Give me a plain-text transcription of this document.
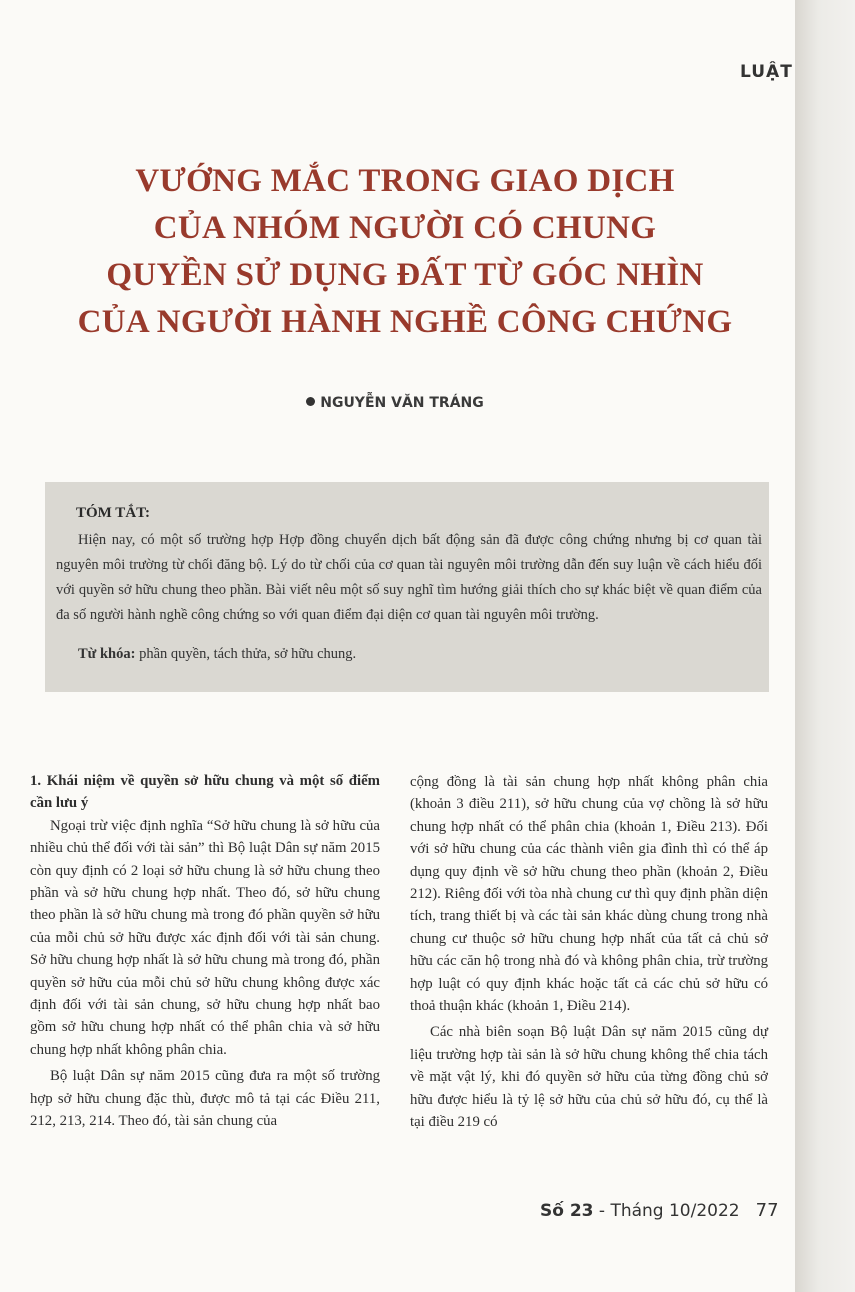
LUẬT
VƯỚNG MẮC TRONG GIAO DỊCH
CỦA NHÓM NGƯỜI CÓ CHUNG
QUYỀN SỬ DỤNG ĐẤT TỪ GÓC NHÌN
CỦA NGƯỜI HÀNH NGHỀ CÔNG CHỨNG
NGUYỄN VĂN TRÁNG
TÓM TẮT:
Hiện nay, có một số trường hợp Hợp đồng chuyển dịch bất động sản đã được công chứng nhưng bị cơ quan tài nguyên môi trường từ chối đăng bộ. Lý do từ chối của cơ quan tài nguyên môi trường dẫn đến suy luận về cách hiểu đối với quyền sở hữu chung theo phần. Bài viết nêu một số suy nghĩ tìm hướng giải thích cho sự khác biệt về quan điểm của đa số người hành nghề công chứng so với quan điểm đại diện cơ quan tài nguyên môi trường.
Từ khóa: phần quyền, tách thửa, sở hữu chung.

1. Khái niệm về quyền sở hữu chung và một số điểm cần lưu ý

Ngoại trừ việc định nghĩa “Sở hữu chung là sở hữu của nhiều chủ thể đối với tài sản” thì Bộ luật Dân sự năm 2015 còn quy định có 2 loại sở hữu chung là sở hữu chung theo phần và sở hữu chung hợp nhất. Theo đó, sở hữu chung theo phần là sở hữu chung mà trong đó phần quyền sở hữu của mỗi chủ sở hữu được xác định đối với tài sản chung. Sở hữu chung hợp nhất là sở hữu chung mà trong đó, phần quyền sở hữu của mỗi chủ sở hữu chung không được xác định đối với tài sản chung, sở hữu chung hợp nhất bao gồm sở hữu chung hợp nhất có thể phân chia và sở hữu chung hợp nhất không phân chia.

Bộ luật Dân sự năm 2015 cũng đưa ra một số trường hợp sở hữu chung đặc thù, được mô tả tại các Điều 211, 212, 213, 214. Theo đó, tài sản chung của

cộng đồng là tài sản chung hợp nhất không phân chia (khoản 3 điều 211), sở hữu chung của vợ chồng là sở hữu chung hợp nhất có thể phân chia (khoản 1, Điều 213). Đối với sở hữu chung của các thành viên gia đình thì có thể áp dụng quy định về sở hữu chung theo phần (khoản 2, Điều 212). Riêng đối với tòa nhà chung cư thì quy định phần diện tích, trang thiết bị và các tài sản khác dùng chung trong nhà chung cư thuộc sở hữu chung hợp nhất của tất cả chủ sở hữu các căn hộ trong nhà đó và không phân chia, trừ trường hợp luật có quy định khác hoặc tất cả các chủ sở hữu có thoả thuận khác (khoản 1, Điều 214).

Các nhà biên soạn Bộ luật Dân sự năm 2015 cũng dự liệu trường hợp tài sản là sở hữu chung không thể chia tách về mặt vật lý, khi đó quyền sở hữu của từng đồng chủ sở hữu được hiểu là tỷ lệ sở hữu của chủ sở hữu đó, cụ thể là tại điều 219 có

Số 23 - Tháng 10/2022 77
